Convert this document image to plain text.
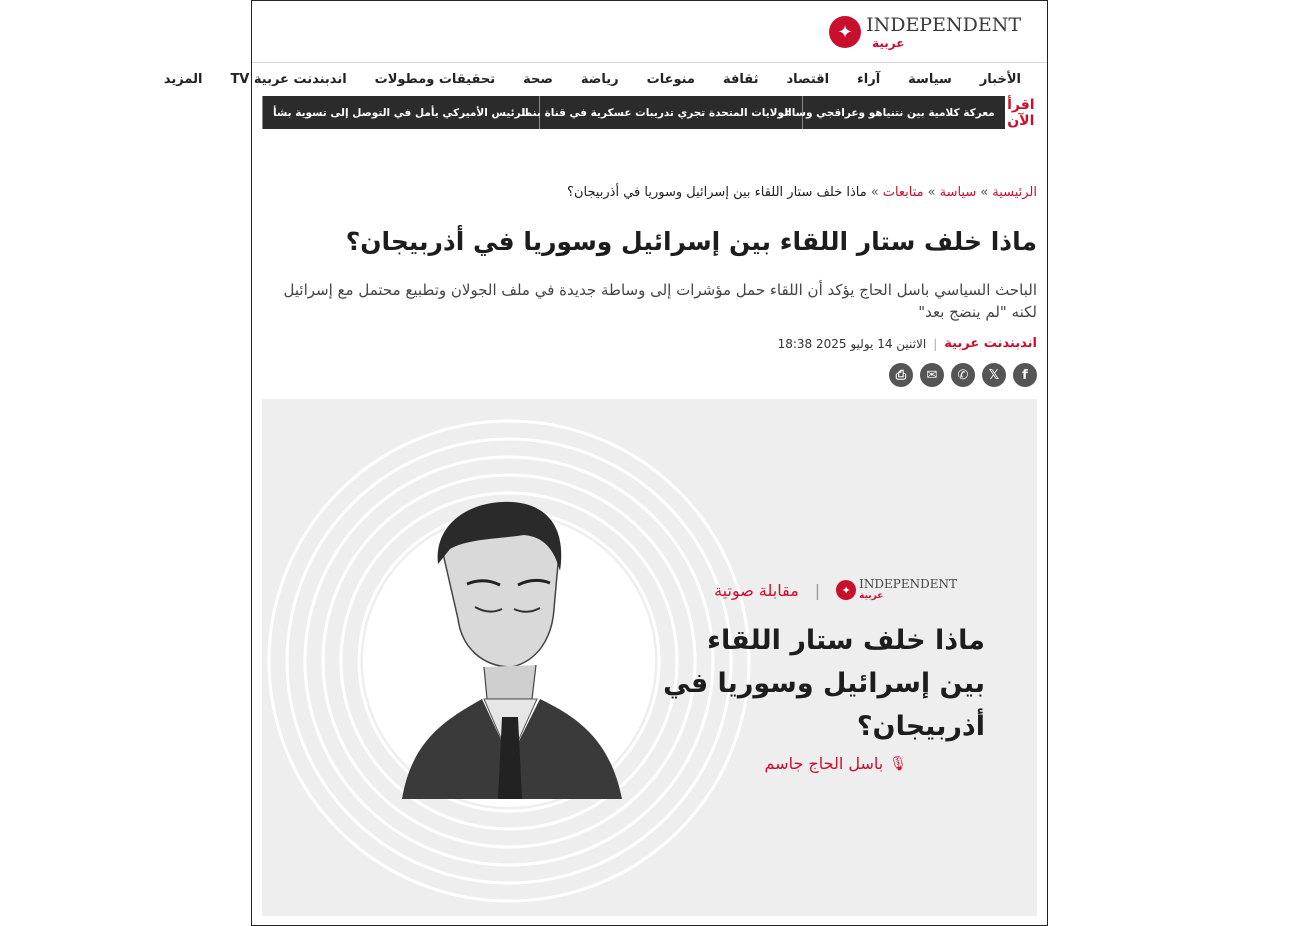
✦ INDEPENDENT
عربية
الأخبار
سياسة
آراء
اقتصاد
ثقافة
منوعات
رياضة
صحة
تحقيقات ومطولات
اندبندنت عربية TV
المزيد
اقرأ الآن
معركة كلامية بين نتنياهو وعراقجي وساعر
الولايات المتحدة تجري تدريبات عسكرية في قناة بنما
الرئيس الأميركي يأمل في التوصل إلى تسوية بشأ
الرئيسية»سياسة»متابعات»ماذا خلف ستار اللقاء بين إسرائيل وسوريا في أذربيجان؟
ماذا خلف ستار اللقاء بين إسرائيل وسوريا في أذربيجان؟

الباحث السياسي باسل الحاج يؤكد أن اللقاء حمل مؤشرات إلى وساطة جديدة في ملف الجولان وتطبيع محتمل مع إسرائيل لكنه "لم ينضج بعد"

اندبندنت عربية
|
الاثنين 14 يوليو 2025 18:38
f
𝕏
✆
✉
⎙
✦ INDEPENDENT
عربية
|
مقابلة صوتية
ماذا خلف ستار اللقاء
بين إسرائيل وسوريا في
أذربيجان؟
🎙
باسل الحاج جاسم
